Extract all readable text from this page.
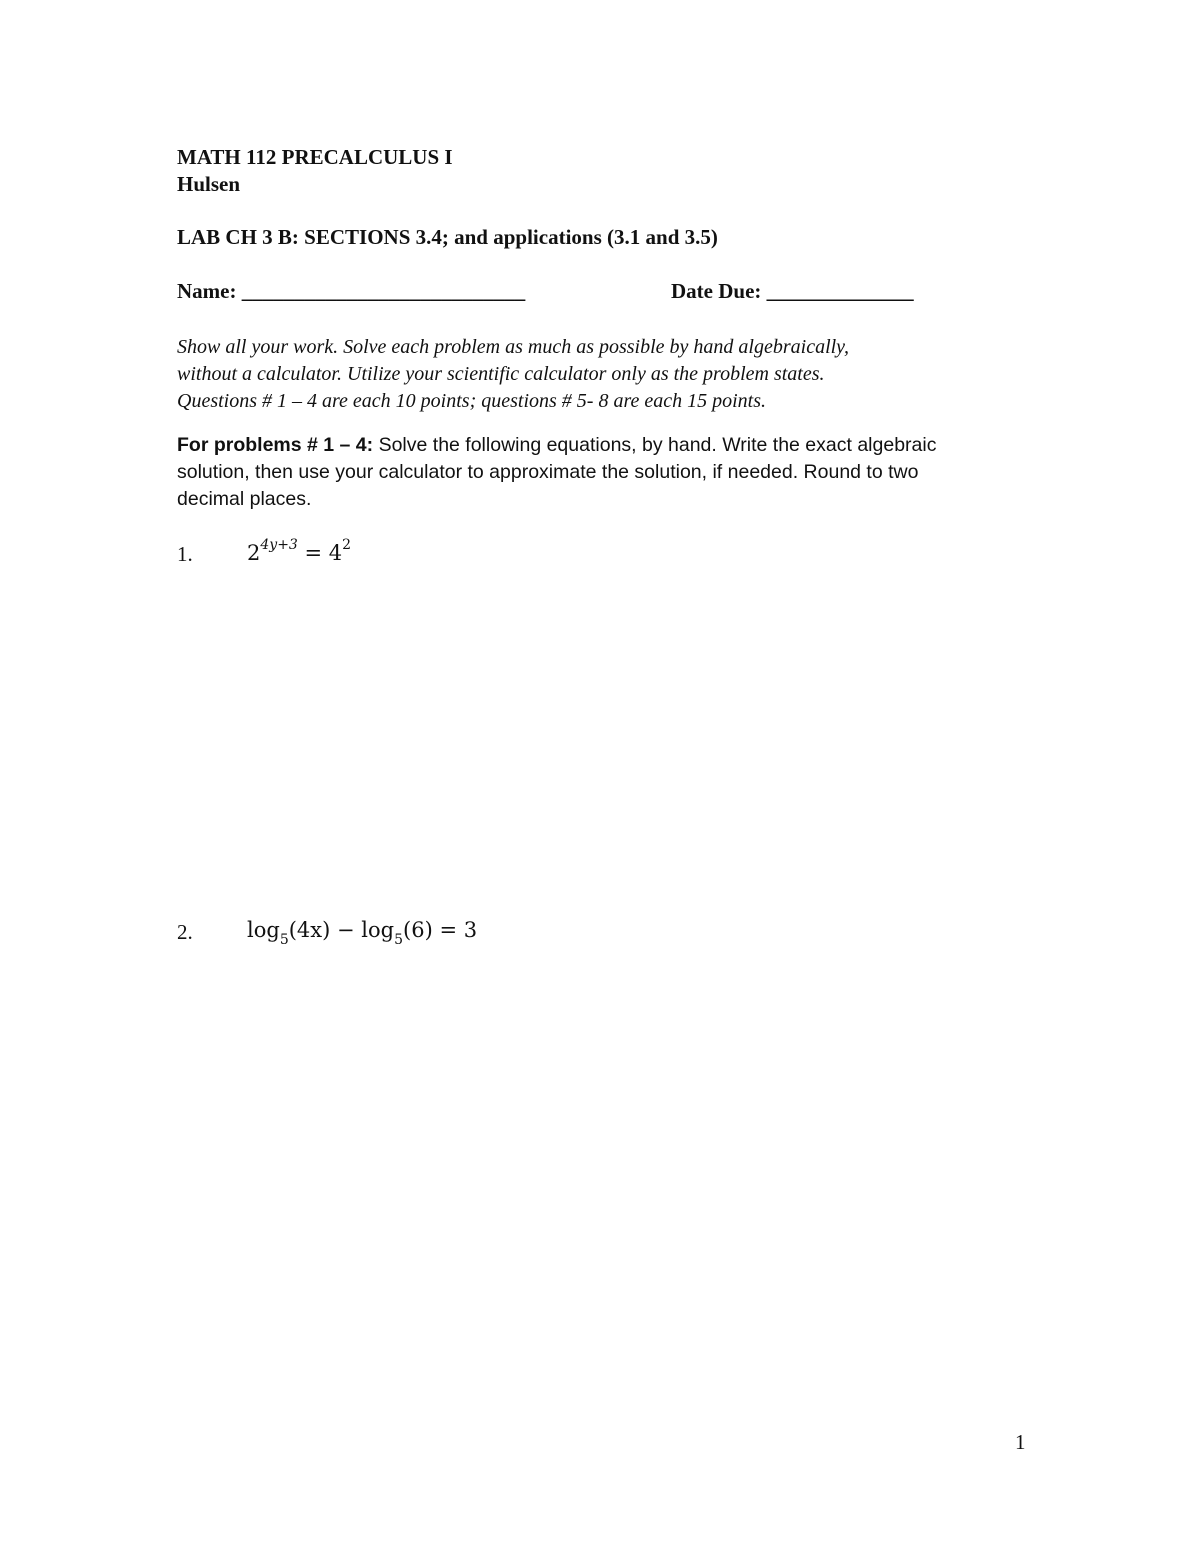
MATH 112 PRECALCULUS I
Hulsen
LAB CH 3 B: SECTIONS 3.4; and applications (3.1 and 3.5)
Name: ___________________________	Date Due: ______________
Show all your work. Solve each problem as much as possible by hand algebraically,
without a calculator. Utilize your scientific calculator only as the problem states.
Questions # 1 – 4 are each 10 points; questions # 5- 8 are each 15 points.
For problems # 1 – 4: Solve the following equations, by hand. Write the exact algebraic
solution, then use your calculator to approximate the solution, if needed. Round to two
decimal places.
1.	$2^{4y+3} = 4^2$
2.	$\log_5(4x) - \log_5(6) = 3$
1
